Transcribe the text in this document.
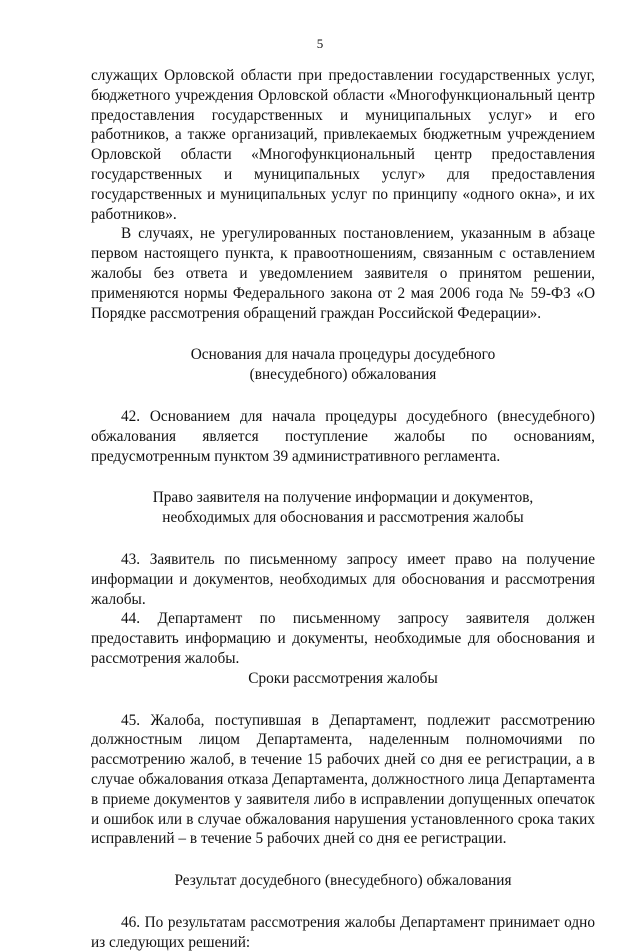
5

служащих Орловской области при предоставлении государственных услуг, бюджетного учреждения Орловской области «Многофункциональный центр предоставления государственных и муниципальных услуг» и его работников, а также организаций, привлекаемых бюджетным учреждением Орловской области «Многофункциональный центр предоставления государственных и муниципальных услуг» для предоставления государственных и муниципальных услуг по принципу «одного окна», и их работников».

В случаях, не урегулированных постановлением, указанным в абзаце первом настоящего пункта, к правоотношениям, связанным с оставлением жалобы без ответа и уведомлением заявителя о принятом решении, применяются нормы Федерального закона от 2 мая 2006 года № 59-ФЗ «О Порядке рассмотрения обращений граждан Российской Федерации».

Основания для начала процедуры досудебного
(внесудебного) обжалования

42. Основанием для начала процедуры досудебного (внесудебного) обжалования является поступление жалобы по основаниям, предусмотренным пунктом 39 административного регламента.

Право заявителя на получение информации и документов,
необходимых для обоснования и рассмотрения жалобы

43. Заявитель по письменному запросу имеет право на получение информации и документов, необходимых для обоснования и рассмотрения жалобы.

44. Департамент по письменному запросу заявителя должен предоставить информацию и документы, необходимые для обоснования и рассмотрения жалобы.

Сроки рассмотрения жалобы

45. Жалоба, поступившая в Департамент, подлежит рассмотрению должностным лицом Департамента, наделенным полномочиями по рассмотрению жалоб, в течение 15 рабочих дней со дня ее регистрации, а в случае обжалования отказа Департамента, должностного лица Департамента в приеме документов у заявителя либо в исправлении допущенных опечаток и ошибок или в случае обжалования нарушения установленного срока таких исправлений – в течение 5 рабочих дней со дня ее регистрации.

Результат досудебного (внесудебного) обжалования

46. По результатам рассмотрения жалобы Департамент принимает одно из следующих решений:
